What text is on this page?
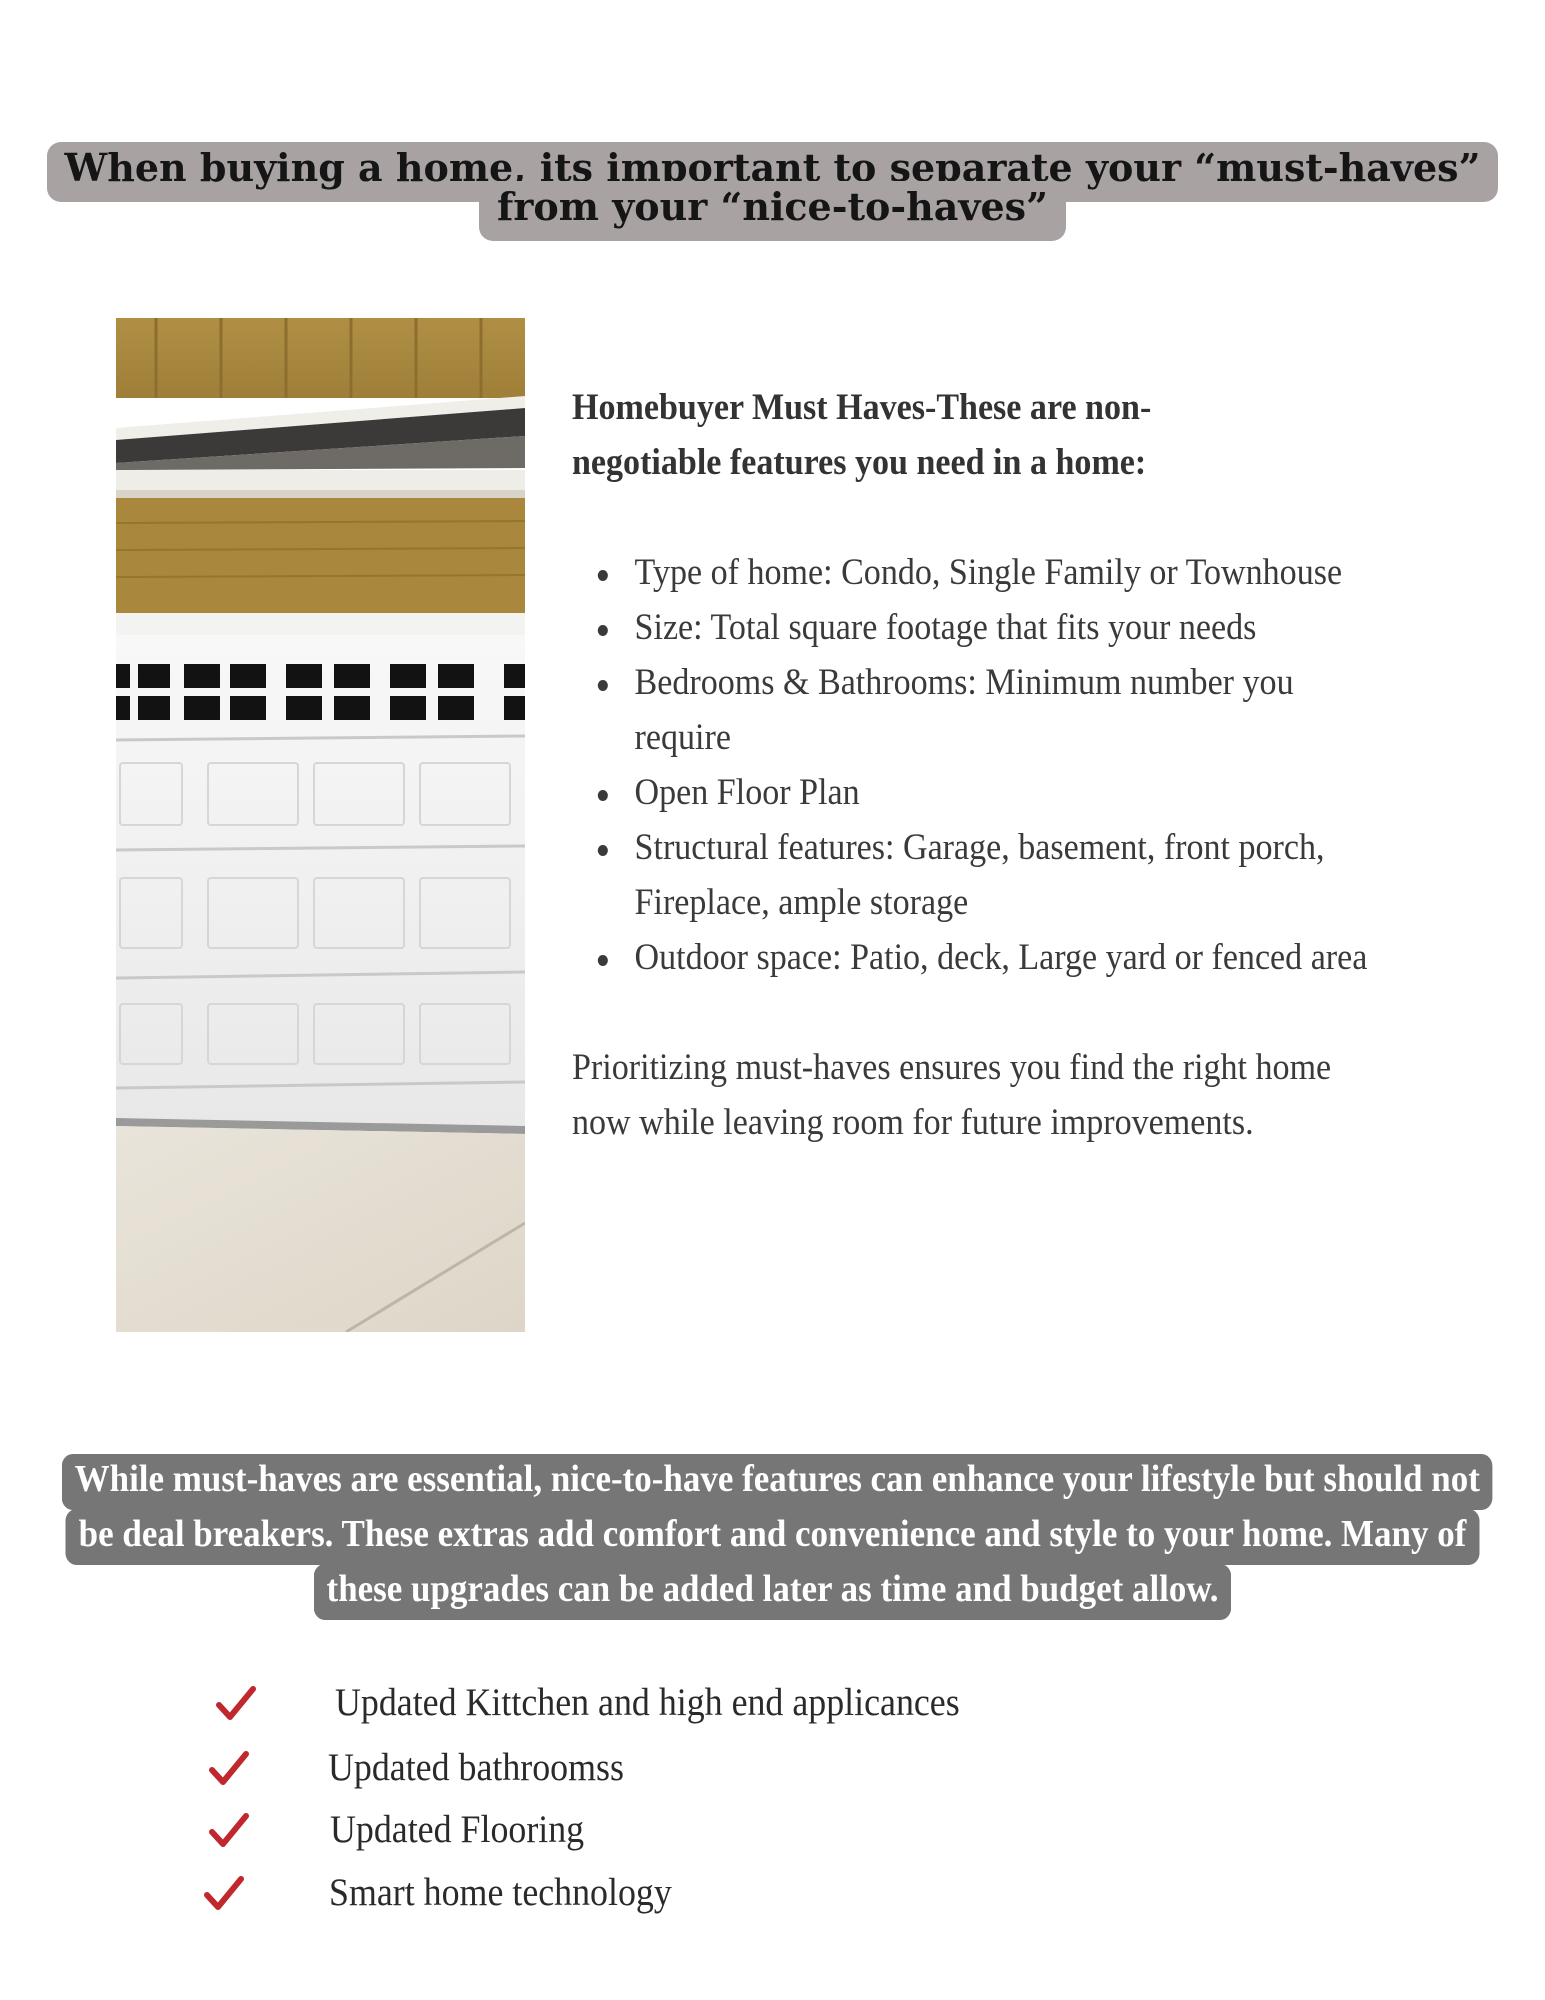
When buying a home, its important to separate your “must-haves” from your “nice-to-haves”

Homebuyer Must Haves-These are non-negotiable features you need in a home:

Type of home: Condo, Single Family or Townhouse
Size: Total square footage that fits your needs
Bedrooms & Bathrooms: Minimum number you require
Open Floor Plan
Structural features: Garage, basement, front porch, Fireplace, ample storage
Outdoor space: Patio, deck, Large yard or fenced area

Prioritizing must-haves ensures you find the right home now while leaving room for future improvements.

While must-haves are essential, nice-to-have features can enhance your lifestyle but should not be deal breakers. These extras add comfort and convenience and style to your home. Many of these upgrades can be added later as time and budget allow.
Updated Kittchen and high end applicances
Updated bathroomss
Updated Flooring
Smart home technology
